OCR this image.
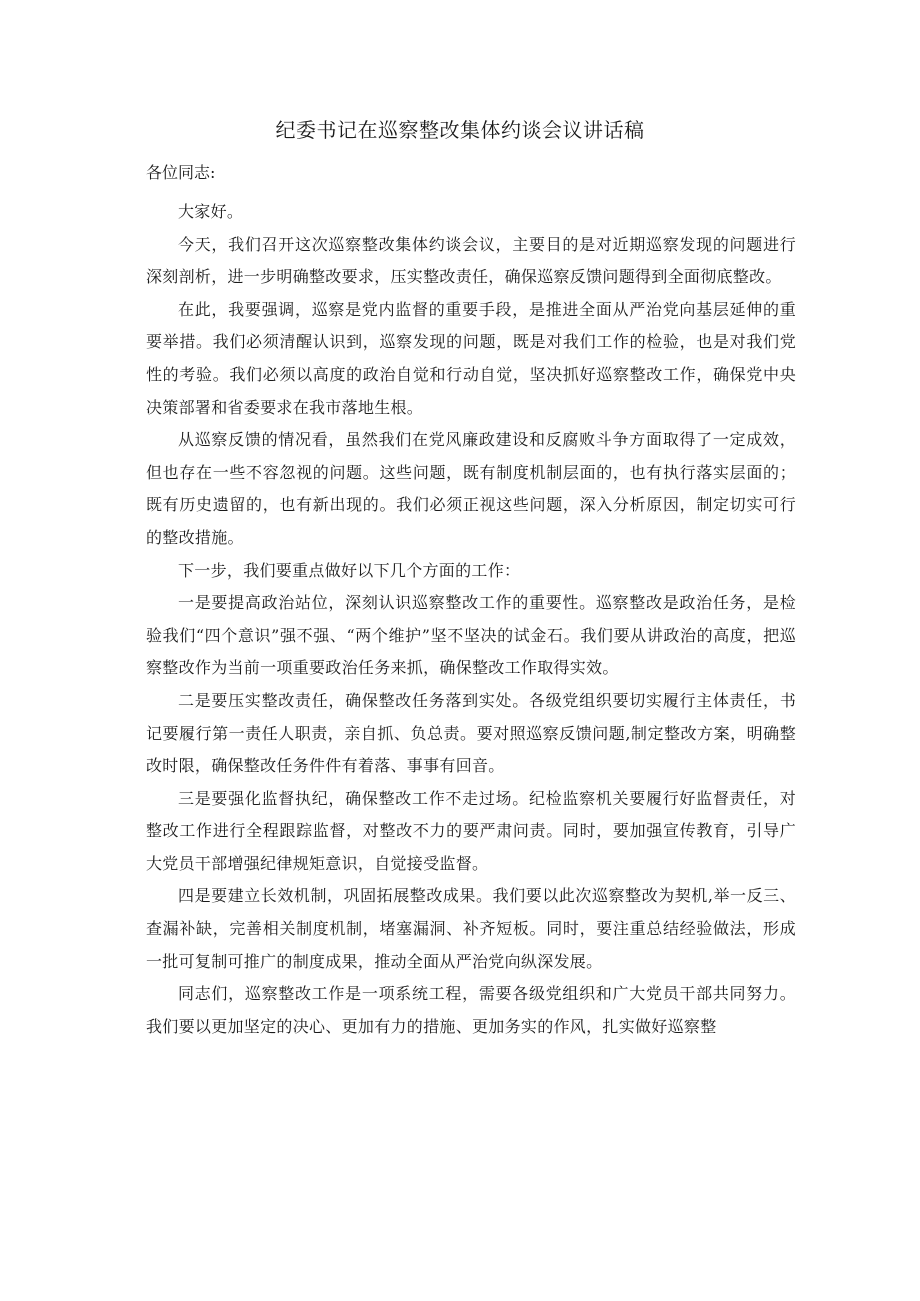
纪委书记在巡察整改集体约谈会议讲话稿

各位同志:

大家好。

今天，我们召开这次巡察整改集体约谈会议，主要目的是对近期巡察发现的问题进行深刻剖析，进一步明确整改要求，压实整改责任，确保巡察反馈问题得到全面彻底整改。

在此，我要强调，巡察是党内监督的重要手段，是推进全面从严治党向基层延伸的重要举措。我们必须清醒认识到，巡察发现的问题，既是对我们工作的检验，也是对我们党性的考验。我们必须以高度的政治自觉和行动自觉，坚决抓好巡察整改工作，确保党中央决策部署和省委要求在我市落地生根。

从巡察反馈的情况看，虽然我们在党风廉政建设和反腐败斗争方面取得了一定成效，但也存在一些不容忽视的问题。这些问题，既有制度机制层面的，也有执行落实层面的；既有历史遗留的，也有新出现的。我们必须正视这些问题，深入分析原因，制定切实可行的整改措施。

下一步，我们要重点做好以下几个方面的工作：

一是要提高政治站位，深刻认识巡察整改工作的重要性。巡察整改是政治任务，是检验我们“四个意识”强不强、“两个维护”坚不坚决的试金石。我们要从讲政治的高度，把巡察整改作为当前一项重要政治任务来抓，确保整改工作取得实效。

二是要压实整改责任，确保整改任务落到实处。各级党组织要切实履行主体责任，书记要履行第一责任人职责，亲自抓、负总责。要对照巡察反馈问题,制定整改方案，明确整改时限，确保整改任务件件有着落、事事有回音。

三是要强化监督执纪，确保整改工作不走过场。纪检监察机关要履行好监督责任，对整改工作进行全程跟踪监督，对整改不力的要严肃问责。同时，要加强宣传教育，引导广大党员干部增强纪律规矩意识，自觉接受监督。

四是要建立长效机制，巩固拓展整改成果。我们要以此次巡察整改为契机,举一反三、查漏补缺，完善相关制度机制，堵塞漏洞、补齐短板。同时，要注重总结经验做法，形成一批可复制可推广的制度成果，推动全面从严治党向纵深发展。

同志们，巡察整改工作是一项系统工程，需要各级党组织和广大党员干部共同努力。我们要以更加坚定的决心、更加有力的措施、更加务实的作风，扎实做好巡察整
